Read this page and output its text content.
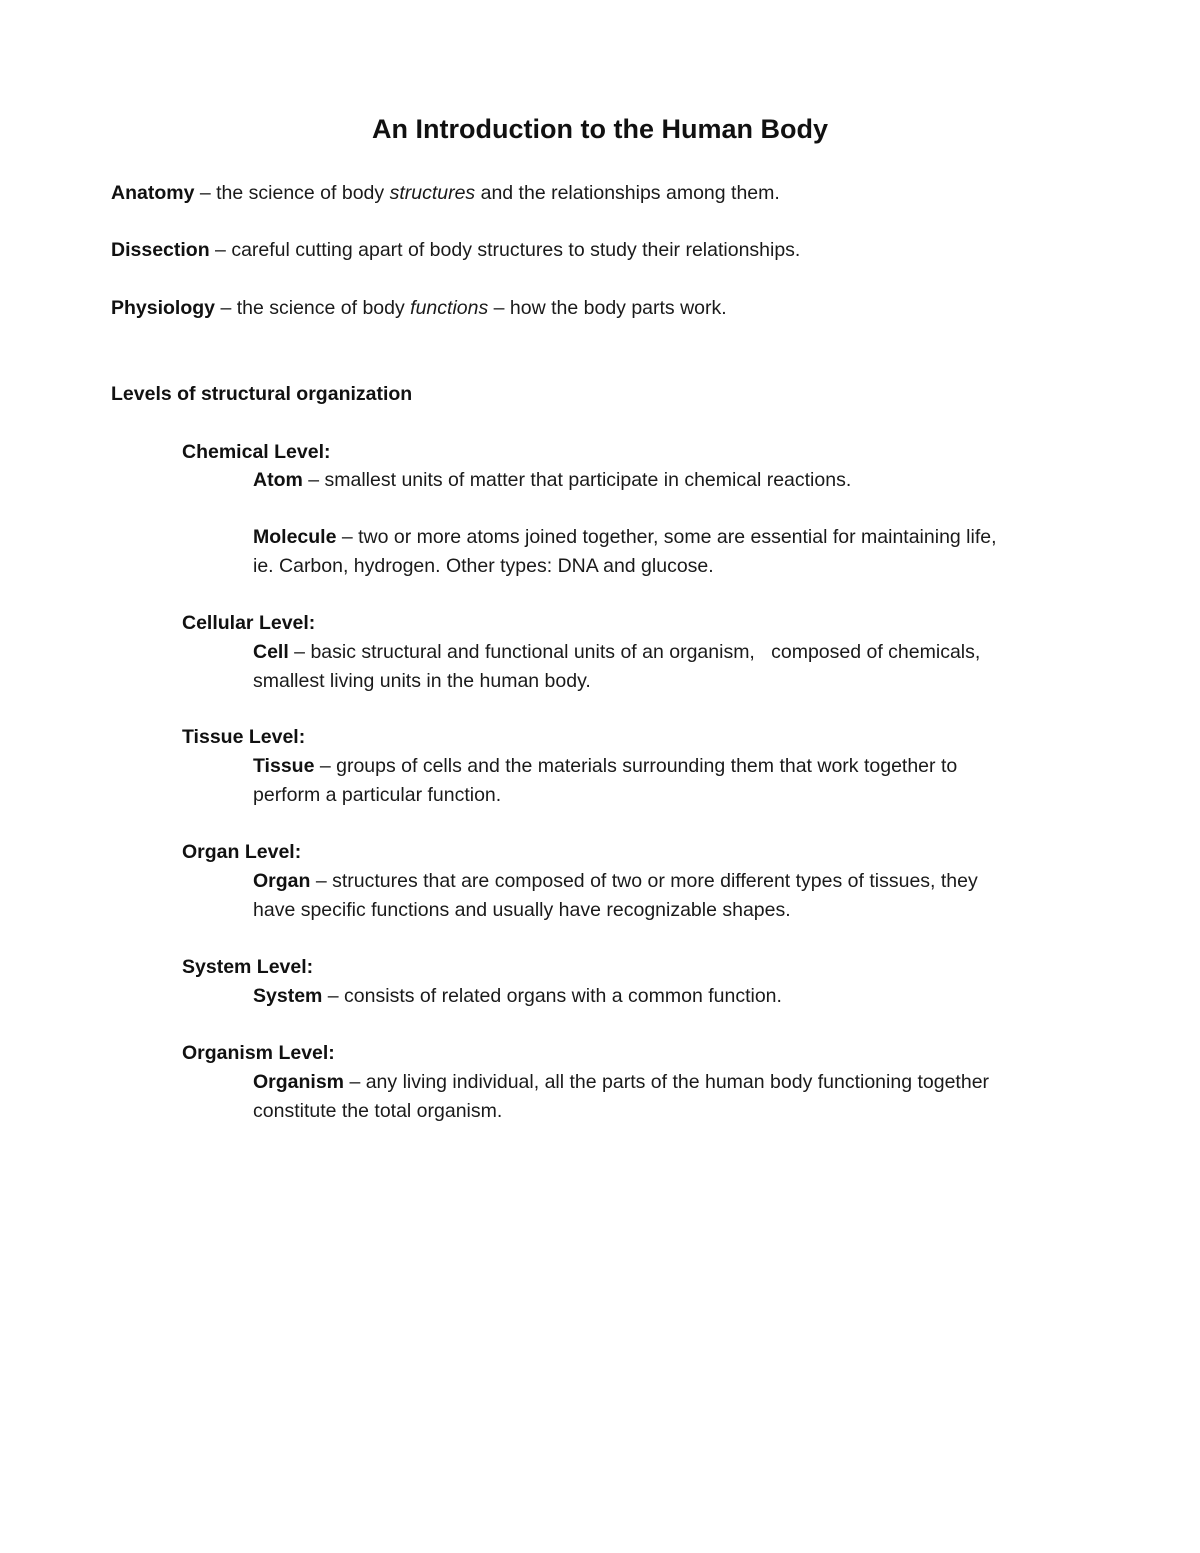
An Introduction to the Human Body

Anatomy – the science of body structures and the relationships among them.

Dissection – careful cutting apart of body structures to study their relationships.

Physiology – the science of body functions – how the body parts work.

Levels of structural organization

Chemical Level:

Atom – smallest units of matter that participate in chemical reactions.

Molecule – two or more atoms joined together, some are essential for maintaining life,

ie. Carbon, hydrogen. Other types: DNA and glucose.

Cellular Level:

Cell – basic structural and functional units of an organism,   composed of chemicals,

smallest living units in the human body.

Tissue Level:

Tissue – groups of cells and the materials surrounding them that work together to

perform a particular function.

Organ Level:

Organ – structures that are composed of two or more different types of tissues, they

have specific functions and usually have recognizable shapes.

System Level:

System – consists of related organs with a common function.

Organism Level:

Organism – any living individual, all the parts of the human body functioning together

constitute the total organism.
